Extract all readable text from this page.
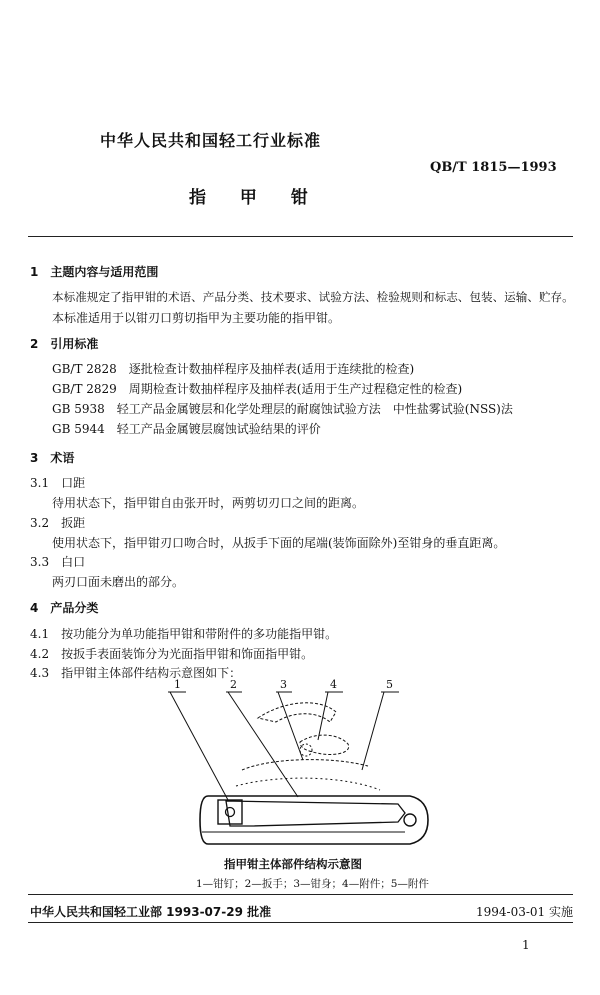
中华人民共和国轻工行业标准
QB/T 1815—1993
指 甲 钳
1　主题内容与适用范围
本标准规定了指甲钳的术语、产品分类、技术要求、试验方法、检验规则和标志、包装、运输、贮存。
本标准适用于以钳刃口剪切指甲为主要功能的指甲钳。
2　引用标准
GB/T 2828　逐批检查计数抽样程序及抽样表(适用于连续批的检查)
GB/T 2829　周期检查计数抽样程序及抽样表(适用于生产过程稳定性的检查)
GB 5938　轻工产品金属镀层和化学处理层的耐腐蚀试验方法　中性盐雾试验(NSS)法
GB 5944　轻工产品金属镀层腐蚀试验结果的评价
3　术语
3.1　口距
待用状态下，指甲钳自由张开时，两剪切刃口之间的距离。
3.2　扳距
使用状态下，指甲钳刃口吻合时，从扳手下面的尾端(装饰面除外)至钳身的垂直距离。
3.3　白口
两刃口面未磨出的部分。
4　产品分类
4.1　按功能分为单功能指甲钳和带附件的多功能指甲钳。
4.2　按扳手表面装饰分为光面指甲钳和饰面指甲钳。
4.3　指甲钳主体部件结构示意图如下：
1	2	3	4	5
指甲钳主体部件结构示意图
1—钳钉；2—扳手；3—钳身；4—附件；5—附件
中华人民共和国轻工业部 1993-07-29 批准	1994-03-01 实施
1
